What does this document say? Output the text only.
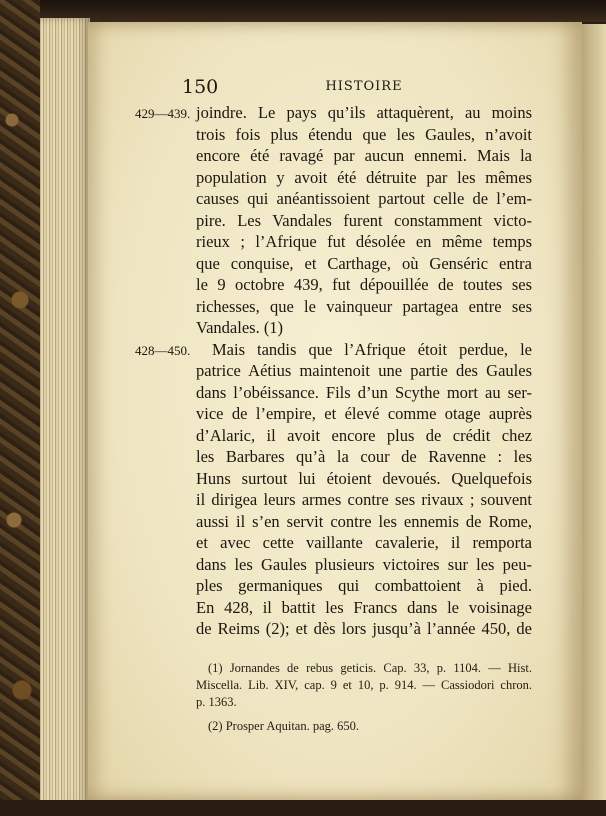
150	HISTOIRE
429—439.
428—450.
joindre. Le pays qu’ils attaquèrent, au moins
trois fois plus étendu que les Gaules, n’avoit
encore été ravagé par aucun ennemi. Mais la
population y avoit été détruite par les mêmes
causes qui anéantissoient partout celle de l’em-
pire. Les Vandales furent constamment victo-
rieux ; l’Afrique fut désolée en même temps
que conquise, et Carthage, où Genséric entra
le 9 octobre 439, fut dépouillée de toutes ses
richesses, que le vainqueur partagea entre ses
Vandales. (1)
Mais tandis que l’Afrique étoit perdue, le
patrice Aétius maintenoit une partie des Gaules
dans l’obéissance. Fils d’un Scythe mort au ser-
vice de l’empire, et élevé comme otage auprès
d’Alaric, il avoit encore plus de crédit chez
les Barbares qu’à la cour de Ravenne : les
Huns surtout lui étoient devoués. Quelquefois
il dirigea leurs armes contre ses rivaux ; souvent
aussi il s’en servit contre les ennemis de Rome,
et avec cette vaillante cavalerie, il remporta
dans les Gaules plusieurs victoires sur les peu-
ples germaniques qui combattoient à pied.
En 428, il battit les Francs dans le voisinage
de Reims (2); et dès lors jusqu’à l’année 450, de
(1) Jornandes de rebus geticis. Cap. 33, p. 1104. — Hist.
Miscella. Lib. XIV, cap. 9 et 10, p. 914. — Cassiodori chron.
p. 1363.
(2) Prosper Aquitan. pag. 650.
